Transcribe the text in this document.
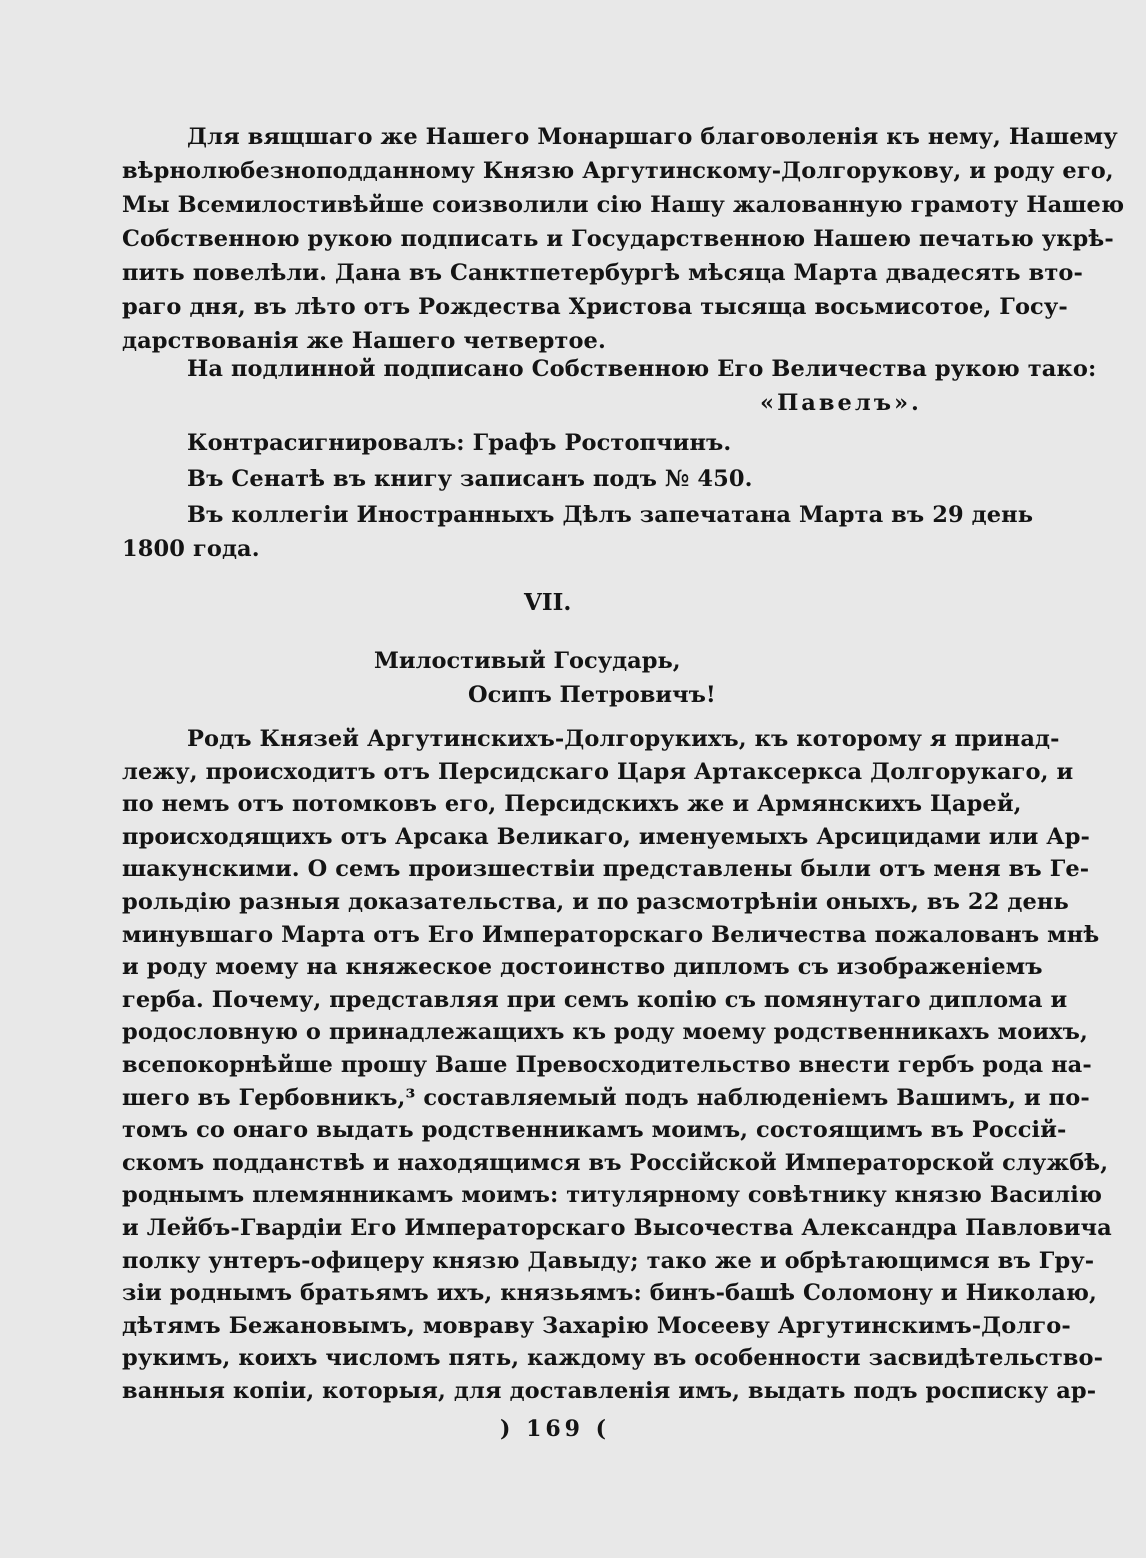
Для вящшаго же Нашего Монаршаго благоволенія къ нему, Нашему
вѣрнолюбезноподданному Князю Аргутинскому-Долгорукову, и роду его,
Мы Всемилостивѣйше соизволили сію Нашу жалованную грамоту Нашею
Собственною рукою подписать и Государственною Нашею печатью укрѣ-
пить повелѣли. Дана въ Санктпетербургѣ мѣсяца Марта двадесять вто-
раго дня, въ лѣто отъ Рождества Христова тысяща восьмисотое, Госу-
дарствованія же Нашего четвертое.
На подлинной подписано Собственною Его Величества рукою тако:
«Павелъ».
Контрасигнировалъ: Графъ Ростопчинъ.
Въ Сенатѣ въ книгу записанъ подъ № 450.
Въ коллегіи Иностранныхъ Дѣлъ запечатана Марта въ 29 день
1800 года.
VII.
Милостивый Государь,
Осипъ Петровичъ!
Родъ Князей Аргутинскихъ-Долгорукихъ, къ которому я принад-
лежу, происходитъ отъ Персидскаго Царя Артаксеркса Долгорукаго, и
по немъ отъ потомковъ его, Персидскихъ же и Армянскихъ Царей,
происходящихъ отъ Арсака Великаго, именуемыхъ Арсицидами или Ар-
шакунскими. О семъ произшествіи представлены были отъ меня въ Ге-
рольдію разныя доказательства, и по разсмотрѣніи оныхъ, въ 22 день
минувшаго Марта отъ Его Императорскаго Величества пожалованъ мнѣ
и роду моему на княжеское достоинство дипломъ съ изображеніемъ
герба. Почему, представляя при семъ копію съ помянутаго диплома и
родословную о принадлежащихъ къ роду моему родственникахъ моихъ,
всепокорнѣйше прошу Ваше Превосходительство внести гербъ рода на-
шего въ Гербовникъ,³ составляемый подъ наблюденіемъ Вашимъ, и по-
томъ со онаго выдать родственникамъ моимъ, состоящимъ въ Россій-
скомъ подданствѣ и находящимся въ Россійской Императорской службѣ,
роднымъ племянникамъ моимъ: титулярному совѣтнику князю Василію
и Лейбъ-Гвардіи Его Императорскаго Высочества Александра Павловича
полку унтеръ-офицеру князю Давыду; тако же и обрѣтающимся въ Гру-
зіи роднымъ братьямъ ихъ, князьямъ: бинъ-башѣ Соломону и Николаю,
дѣтямъ Бежановымъ, мовраву Захарію Мосееву Аргутинскимъ-Долго-
рукимъ, коихъ числомъ пять, каждому въ особенности засвидѣтельство-
ванныя копіи, которыя, для доставленія имъ, выдать подъ росписку ар-
) 169 (
